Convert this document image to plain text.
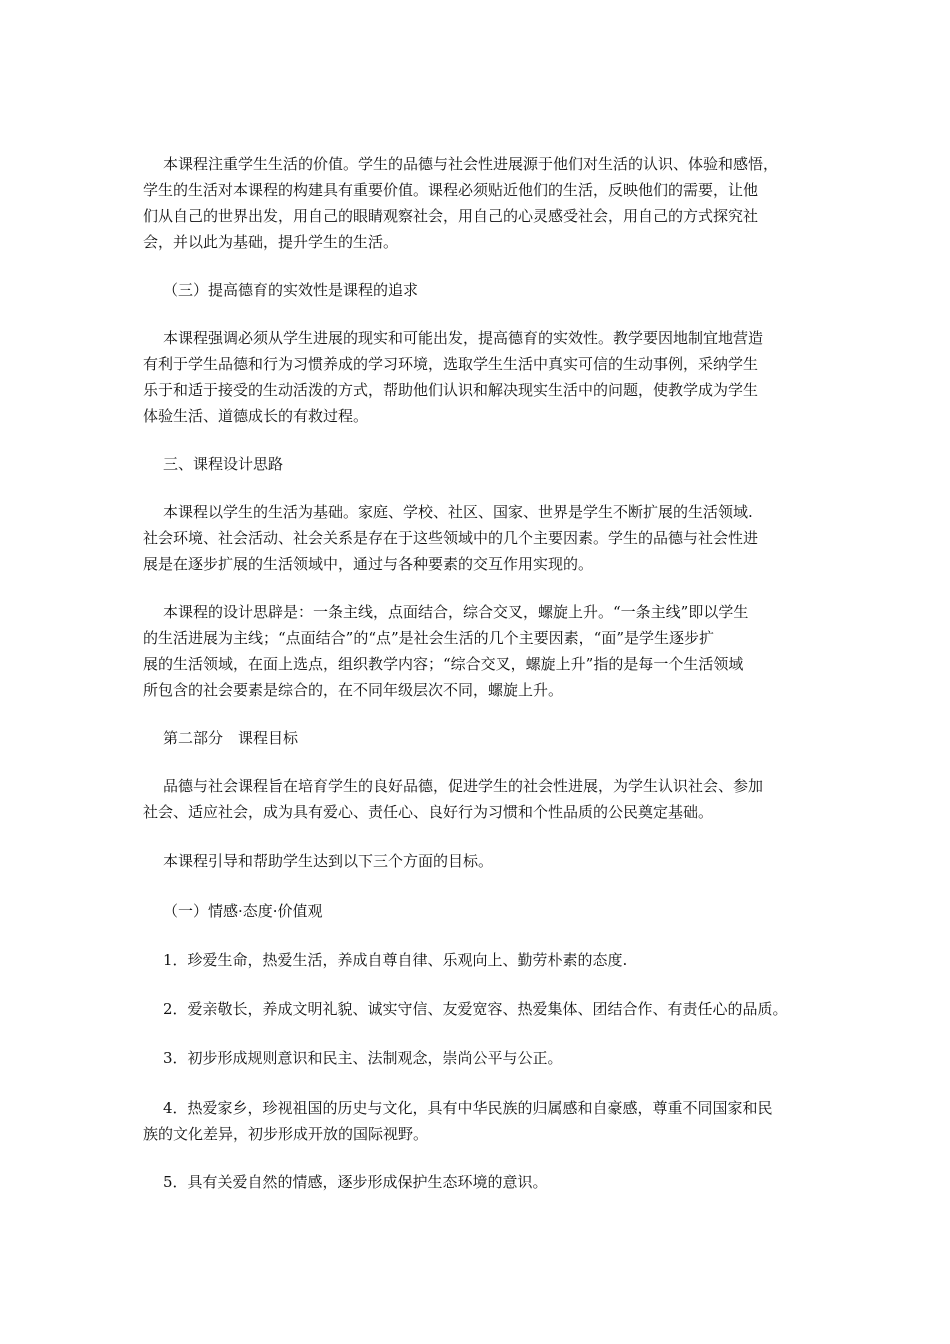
本课程注重学生生活的价值。学生的品德与社会性进展源于他们对生活的认识、体验和感悟，
学生的生活对本课程的构建具有重要价值。课程必须贴近他们的生活，反映他们的需要，让他
们从自己的世界出发，用自己的眼睛观察社会，用自己的心灵感受社会，用自己的方式探究社
会，并以此为基础，提升学生的生活。

（三）提高德育的实效性是课程的追求

本课程强调必须从学生进展的现实和可能出发，提高德育的实效性。教学要因地制宜地营造
有利于学生品德和行为习惯养成的学习环境，选取学生生活中真实可信的生动事例，采纳学生
乐于和适于接受的生动活泼的方式，帮助他们认识和解决现实生活中的问题，使教学成为学生
体验生活、道德成长的有救过程。

三、课程设计思路

本课程以学生的生活为基础。家庭、学校、社区、国家、世界是学生不断扩展的生活领域.
社会环境、社会活动、社会关系是存在于这些领域中的几个主要因素。学生的品德与社会性进
展是在逐步扩展的生活领域中，通过与各种要素的交互作用实现的。

本课程的设计思辟是：一条主线，点面结合，综合交叉，螺旋上升。“一条主线”即以学生
的生活进展为主线；“点面结合”的“点”是社会生活的几个主要因素，“面”是学生逐步扩
展的生活领域，在面上选点，组织教学内容；“综合交叉，螺旋上升”指的是每一个生活领域
所包含的社会要素是综合的，在不同年级层次不同，螺旋上升。

第二部分　课程目标

品德与社会课程旨在培育学生的良好品德，促进学生的社会性进展，为学生认识社会、参加
社会、适应社会，成为具有爱心、责任心、良好行为习惯和个性品质的公民奠定基础。

本课程引导和帮助学生达到以下三个方面的目标。

（一）情感·态度·价值观

1．珍爱生命，热爱生活，养成自尊自律、乐观向上、勤劳朴素的态度.

2．爱亲敬长，养成文明礼貌、诚实守信、友爱宽容、热爱集体、团结合作、有责任心的品质。

3．初步形成规则意识和民主、法制观念，崇尚公平与公正。

4．热爱家乡，珍视祖国的历史与文化，具有中华民族的归属感和自豪感，尊重不同国家和民
族的文化差异，初步形成开放的国际视野。

5．具有关爱自然的情感，逐步形成保护生态环境的意识。
